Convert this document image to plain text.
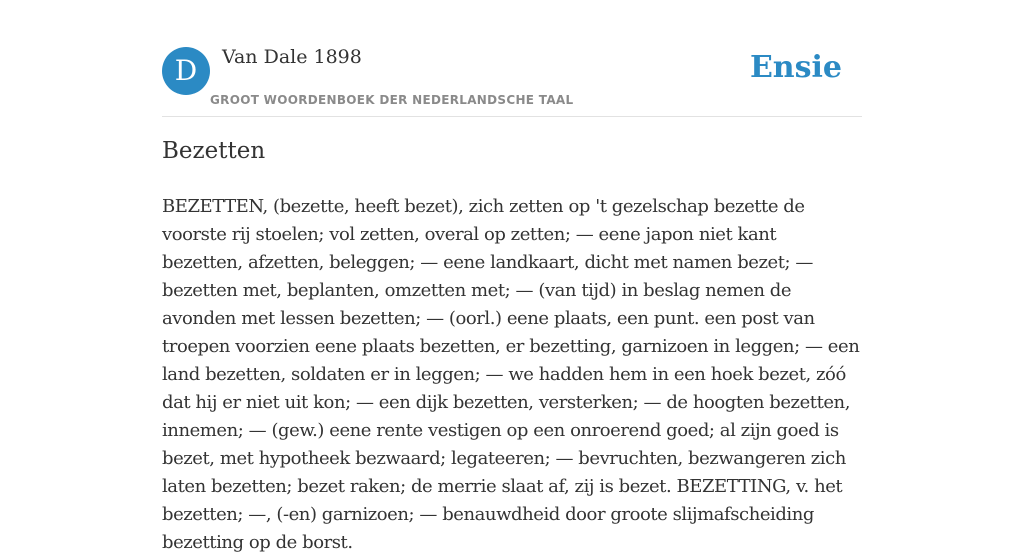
D	Van Dale 1898
GROOT WOORDENBOEK DER NEDERLANDSCHE TAAL
Ensie
Bezetten

BEZETTEN, (bezette, heeft bezet), zich zetten op 't gezelschap bezette de voorste rij stoelen; vol zetten, overal op zetten; — eene japon niet kant bezetten, afzetten, beleggen; — eene landkaart, dicht met namen bezet; — bezetten met, beplanten, omzetten met; — (van tijd) in beslag nemen de avonden met lessen bezetten; — (oorl.) eene plaats, een punt. een post van troepen voorzien eene plaats bezetten, er bezetting, garnizoen in leggen; — een land bezetten, soldaten er in leggen; — we hadden hem in een hoek bezet, zóó dat hij er niet uit kon; — een dijk bezetten, versterken; — de hoogten bezetten, innemen; — (gew.) eene rente vestigen op een onroerend goed; al zijn goed is bezet, met hypotheek bezwaard; legateeren; — bevruchten, bezwangeren zich laten bezetten; bezet raken; de merrie slaat af, zij is bezet. BEZETTING, v. het bezetten; —, (-en) garnizoen; — benauwdheid door groote slijmafscheiding bezetting op de borst.
